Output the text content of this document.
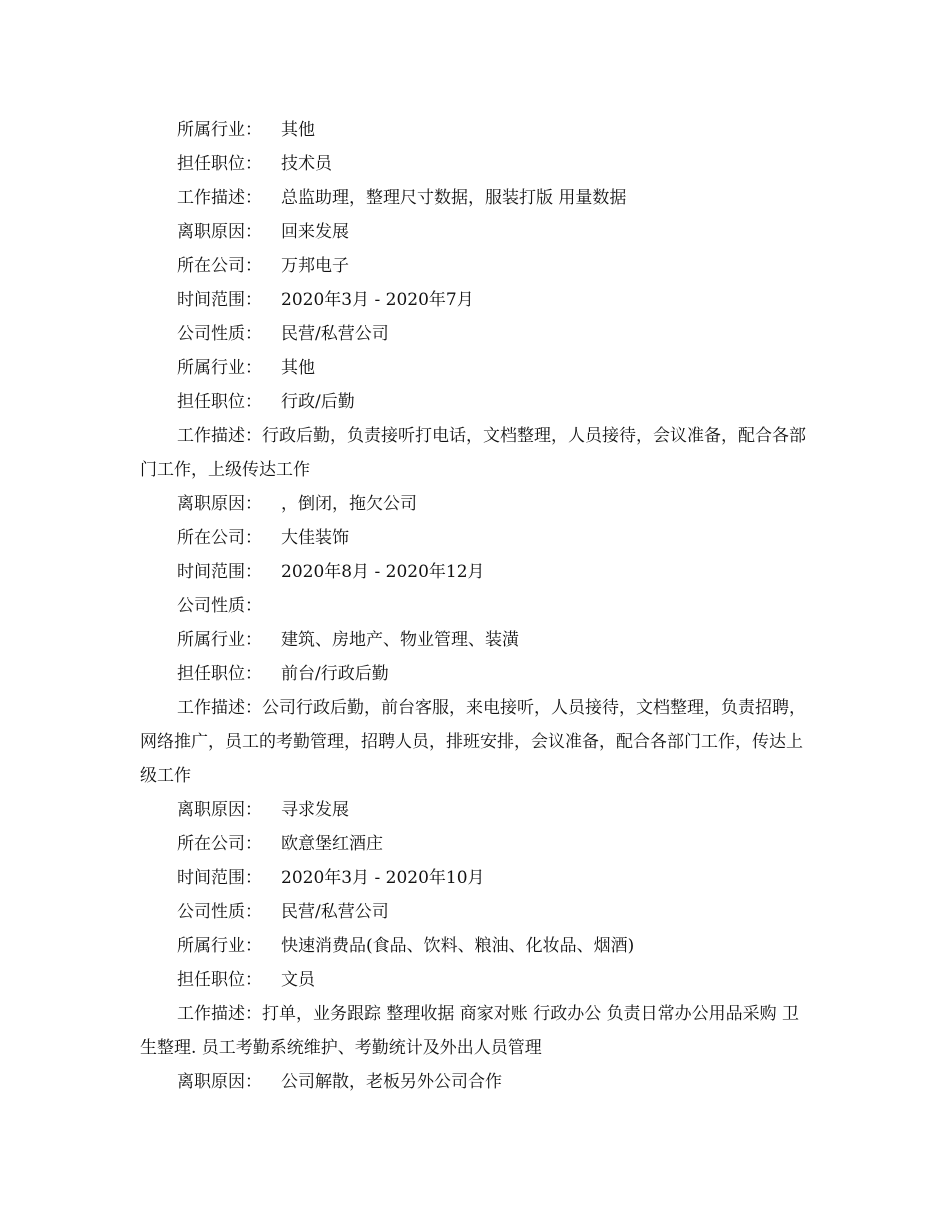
所属行业： 其他

担任职位： 技术员

工作描述： 总监助理，整理尺寸数据，服装打版 用量数据

离职原因： 回来发展

所在公司： 万邦电子

时间范围： 2020年3月 - 2020年7月

公司性质： 民营/私营公司

所属行业： 其他

担任职位： 行政/后勤

工作描述：行政后勤，负责接听打电话，文档整理，人员接待，会议准备，配合各部门工作，上级传达工作

离职原因： ，倒闭，拖欠公司

所在公司： 大佳装饰

时间范围： 2020年8月 - 2020年12月

公司性质：

所属行业： 建筑、房地产、物业管理、装潢

担任职位： 前台/行政后勤

工作描述：公司行政后勤，前台客服，来电接听，人员接待，文档整理，负责招聘，网络推广，员工的考勤管理，招聘人员，排班安排，会议准备，配合各部门工作，传达上级工作

离职原因： 寻求发展

所在公司： 欧意堡红酒庄

时间范围： 2020年3月 - 2020年10月

公司性质： 民营/私营公司

所属行业： 快速消费品(食品、饮料、粮油、化妆品、烟酒)

担任职位： 文员

工作描述：打单，业务跟踪 整理收据 商家对账 行政办公 负责日常办公用品采购 卫生整理. 员工考勤系统维护、考勤统计及外出人员管理

离职原因： 公司解散，老板另外公司合作
